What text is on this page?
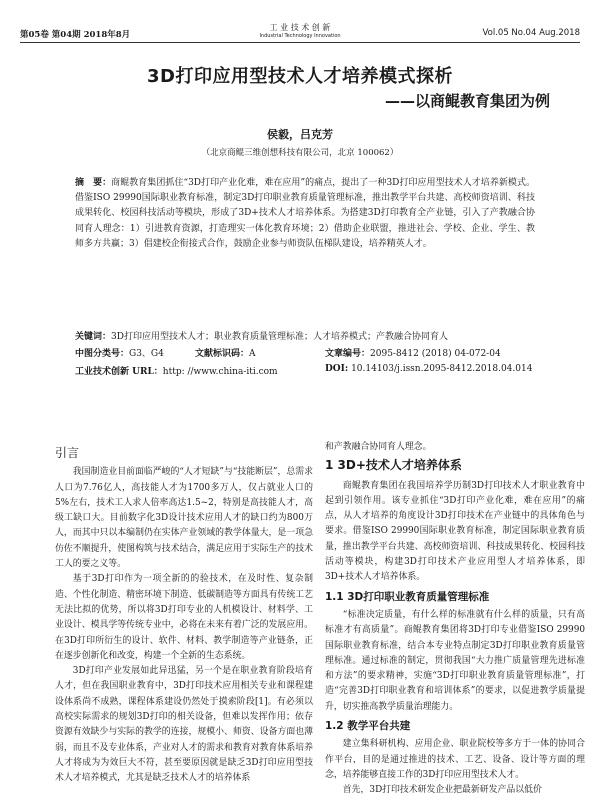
第05卷 第04期 2018年8月
工 业 技 术 创 新
Industrial Technology Innovation	Vol.05 No.04 Aug.2018
3D打印应用型技术人才培养模式探析
——以商鲲教育集团为例
侯毅，吕克芳
（北京商鲲三维创想科技有限公司，北京 100062）
摘　要：商鲲教育集团抓住“3D打印产业化难，难在应用”的痛点，提出了一种3D打印应用型技术人才培养新模式。借鉴ISO 29990国际职业教育标准，制定3D打印职业教育质量管理标准，推出教学平台共建、高校师资培训、科技成果转化、校园科技活动等模块，形成了3D+技术人才培养体系。为搭建3D打印教育全产业链，引入了产教融合协同育人理念：1）引进教育资源，打造理实一体化教育环境；2）借助企业联盟，推进社会、学校、企业、学生、教师多方共赢；3）倡建校企衔接式合作，鼓励企业参与师资队伍梯队建设，培养精英人才。
关键词：3D打印应用型技术人才；职业教育质量管理标准；人才培养模式；产教融合协同育人
中图分类号：G3、G4	文献标识码：A	文章编号：2095-8412 (2018) 04-072-04
工业技术创新 URL：http: //www.china-iti.com	DOI: 10.14103/j.issn.2095-8412.2018.04.014
引言

我国制造业目前面临严峻的“人才短缺”与“技能断层”，总需求人口为7.76亿人，高技能人才为1700多万人，仅占就业人口的5%左右，技术工人求人倍率高达1.5~2，特别是高技能人才，高级工缺口大。目前数字化3D设计技术应用人才的缺口约为800万人，而其中只以本编制仍在实体产业领域的教学体量大，是一项急仿佐不顺提升，使图构筑与技术结合，满足应用于实际生产的技术工人的要之义等。

基于3D打印作为一项全新的的验技术，在及时性、复杂制造、个性化制造、精密环境下制造、低碳制造等方面具有传统工艺无法比拟的优势，所以将3D打印专业的人机模设计、材料学、工业设计、模具学等传统专业中，必将在未来有着广泛的发展应用。在3D打印所衍生的设计、软件、材料、教学制造等产业链条，正在逐步创新化和改变，构建一个全新的生态系统。

3D打印产业发展如此异迅猛，另一个是在职业教育阶段培育人才，但在我国职业教育中，3D打印技术应用相关专业和课程建设体系尚不成熟，课程体系建设仍然处于摸索阶段[1]。有必须以高校实际需求的规划3D打印的相关设备，但难以发挥作用；依存资源有效缺少与实际的教学的连接，规模小、师资、设备方面也薄弱，而且不及专业体系，产业对人才的需求和教育对教育体系培养人才将成为为效巨大不符，甚至要原因就是缺乏3D打印应用型技术人才培养模式，尤其是缺乏技术人才的培养体系

和产教融合协同育人理念。

1 3D+技术人才培养体系

商鲲教育集团在我国培养学历制3D打印技术人才职业教育中起到引领作用。该专业抓住“3D打印产业化难，难在应用”的痛点，从人才培养的角度设计3D打印技术在产业链中的具体角色与要求。借鉴ISO 29990国际职业教育标准，制定国际职业教育质量，推出教学平台共建、高校师资培训、科技成果转化、校园科技活动等模块，构建3D打印技术产业应用型人才培养体系，即3D+技术人才培养体系。

1.1 3D打印职业教育质量管理标准

“标准决定质量，有什么样的标准就有什么样的质量，只有高标准才有高质量”。商鲲教育集团将3D打印专业借鉴ISO 29990国际职业教育标准，结合本专业特点制定3D打印职业教育质量管理标准。通过标准的制定，贯彻我国“大力推广质量管理先进标准和方法”的要求精神，实施“3D打印职业教育质量管理标准”，打造“完善3D打印职业教育和培训体系”的要求，以促进教学质量提升，切实推高教学质量治理能力。

1.2 教学平台共建

建立集科研机构、应用企业、职业院校等多方于一体的协同合作平台，目的是通过推进的技术、工艺、设备、设计等方面的理念，培养能够直接工作的3D打印应用型技术人才。

首先，3D打印技术研发企业把最新研发产品以低价
